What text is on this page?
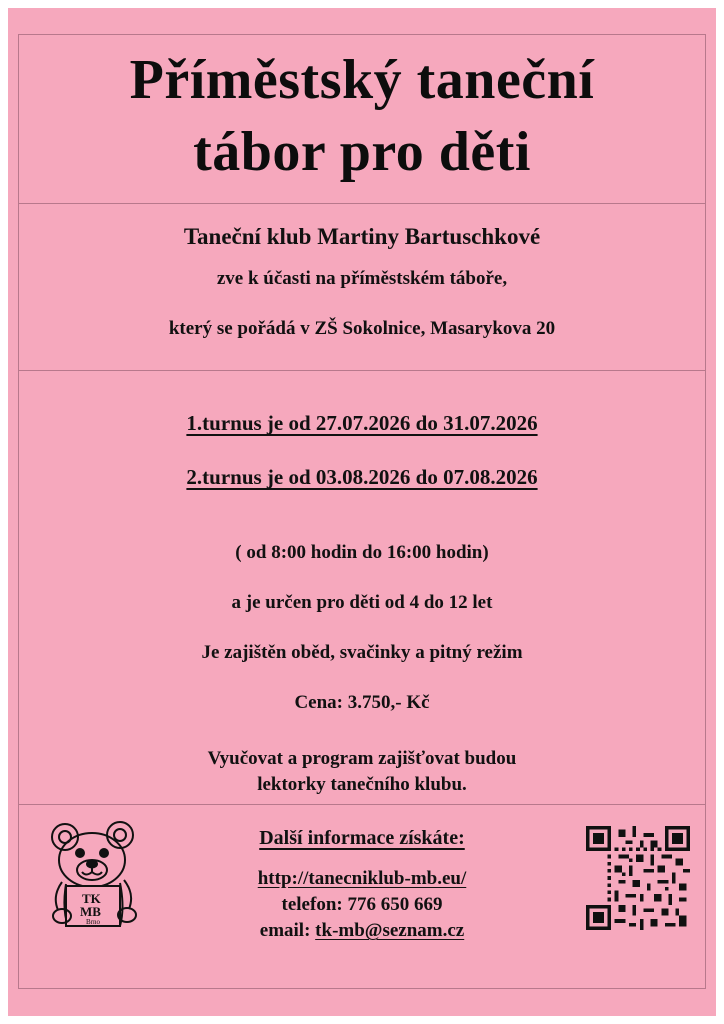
Příměstský taneční
tábor pro děti
Taneční klub Martiny Bartuschkové
zve k účasti na příměstském táboře,
který se pořádá v ZŠ Sokolnice, Masarykova 20
1.turnus je od 27.07.2026 do 31.07.2026
2.turnus je od 03.08.2026 do 07.08.2026
( od 8:00 hodin do 16:00 hodin)
a je určen pro děti od 4 do 12 let
Je zajištěn oběd, svačinky a pitný režim
Cena: 3.750,- Kč
Vyučovat a program zajišťovat budou
lektorky tanečního klubu.
Další informace získáte:
http://tanecniklub-mb.eu/
telefon: 776 650 669
email: tk-mb@seznam.cz
TK
MB
Brno
